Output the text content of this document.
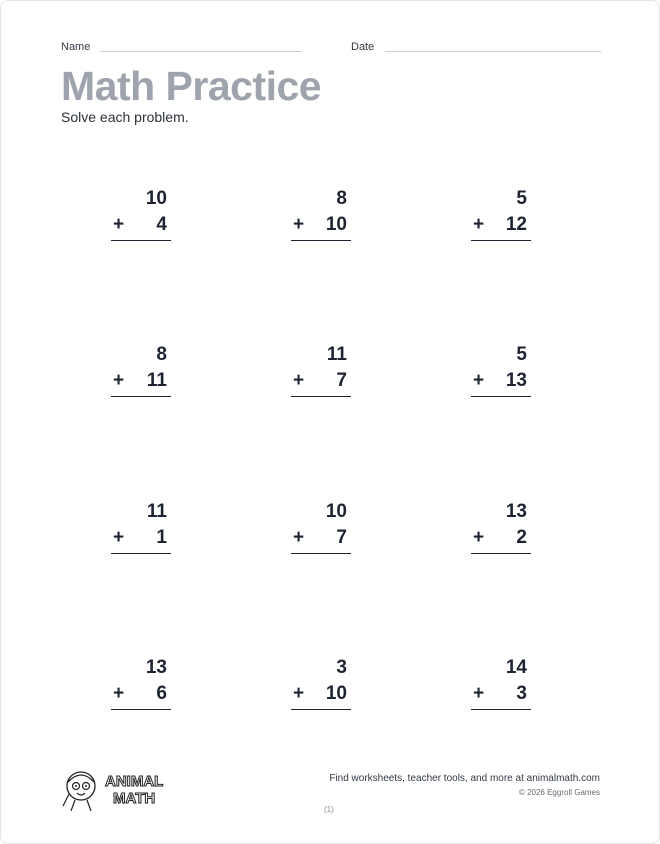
Name	Date
Math Practice
Solve each problem.
10
+ 4
8
+ 10
5
+ 12
8
+ 11
11
+ 7
5
+ 13
11
+ 1
10
+ 7
13
+ 2
13
+ 6
3
+ 10
14
+ 3
ANIMAL
MATH
Find worksheets, teacher tools, and more at animalmath.com
© 2026 Eggroll Games
(1)
